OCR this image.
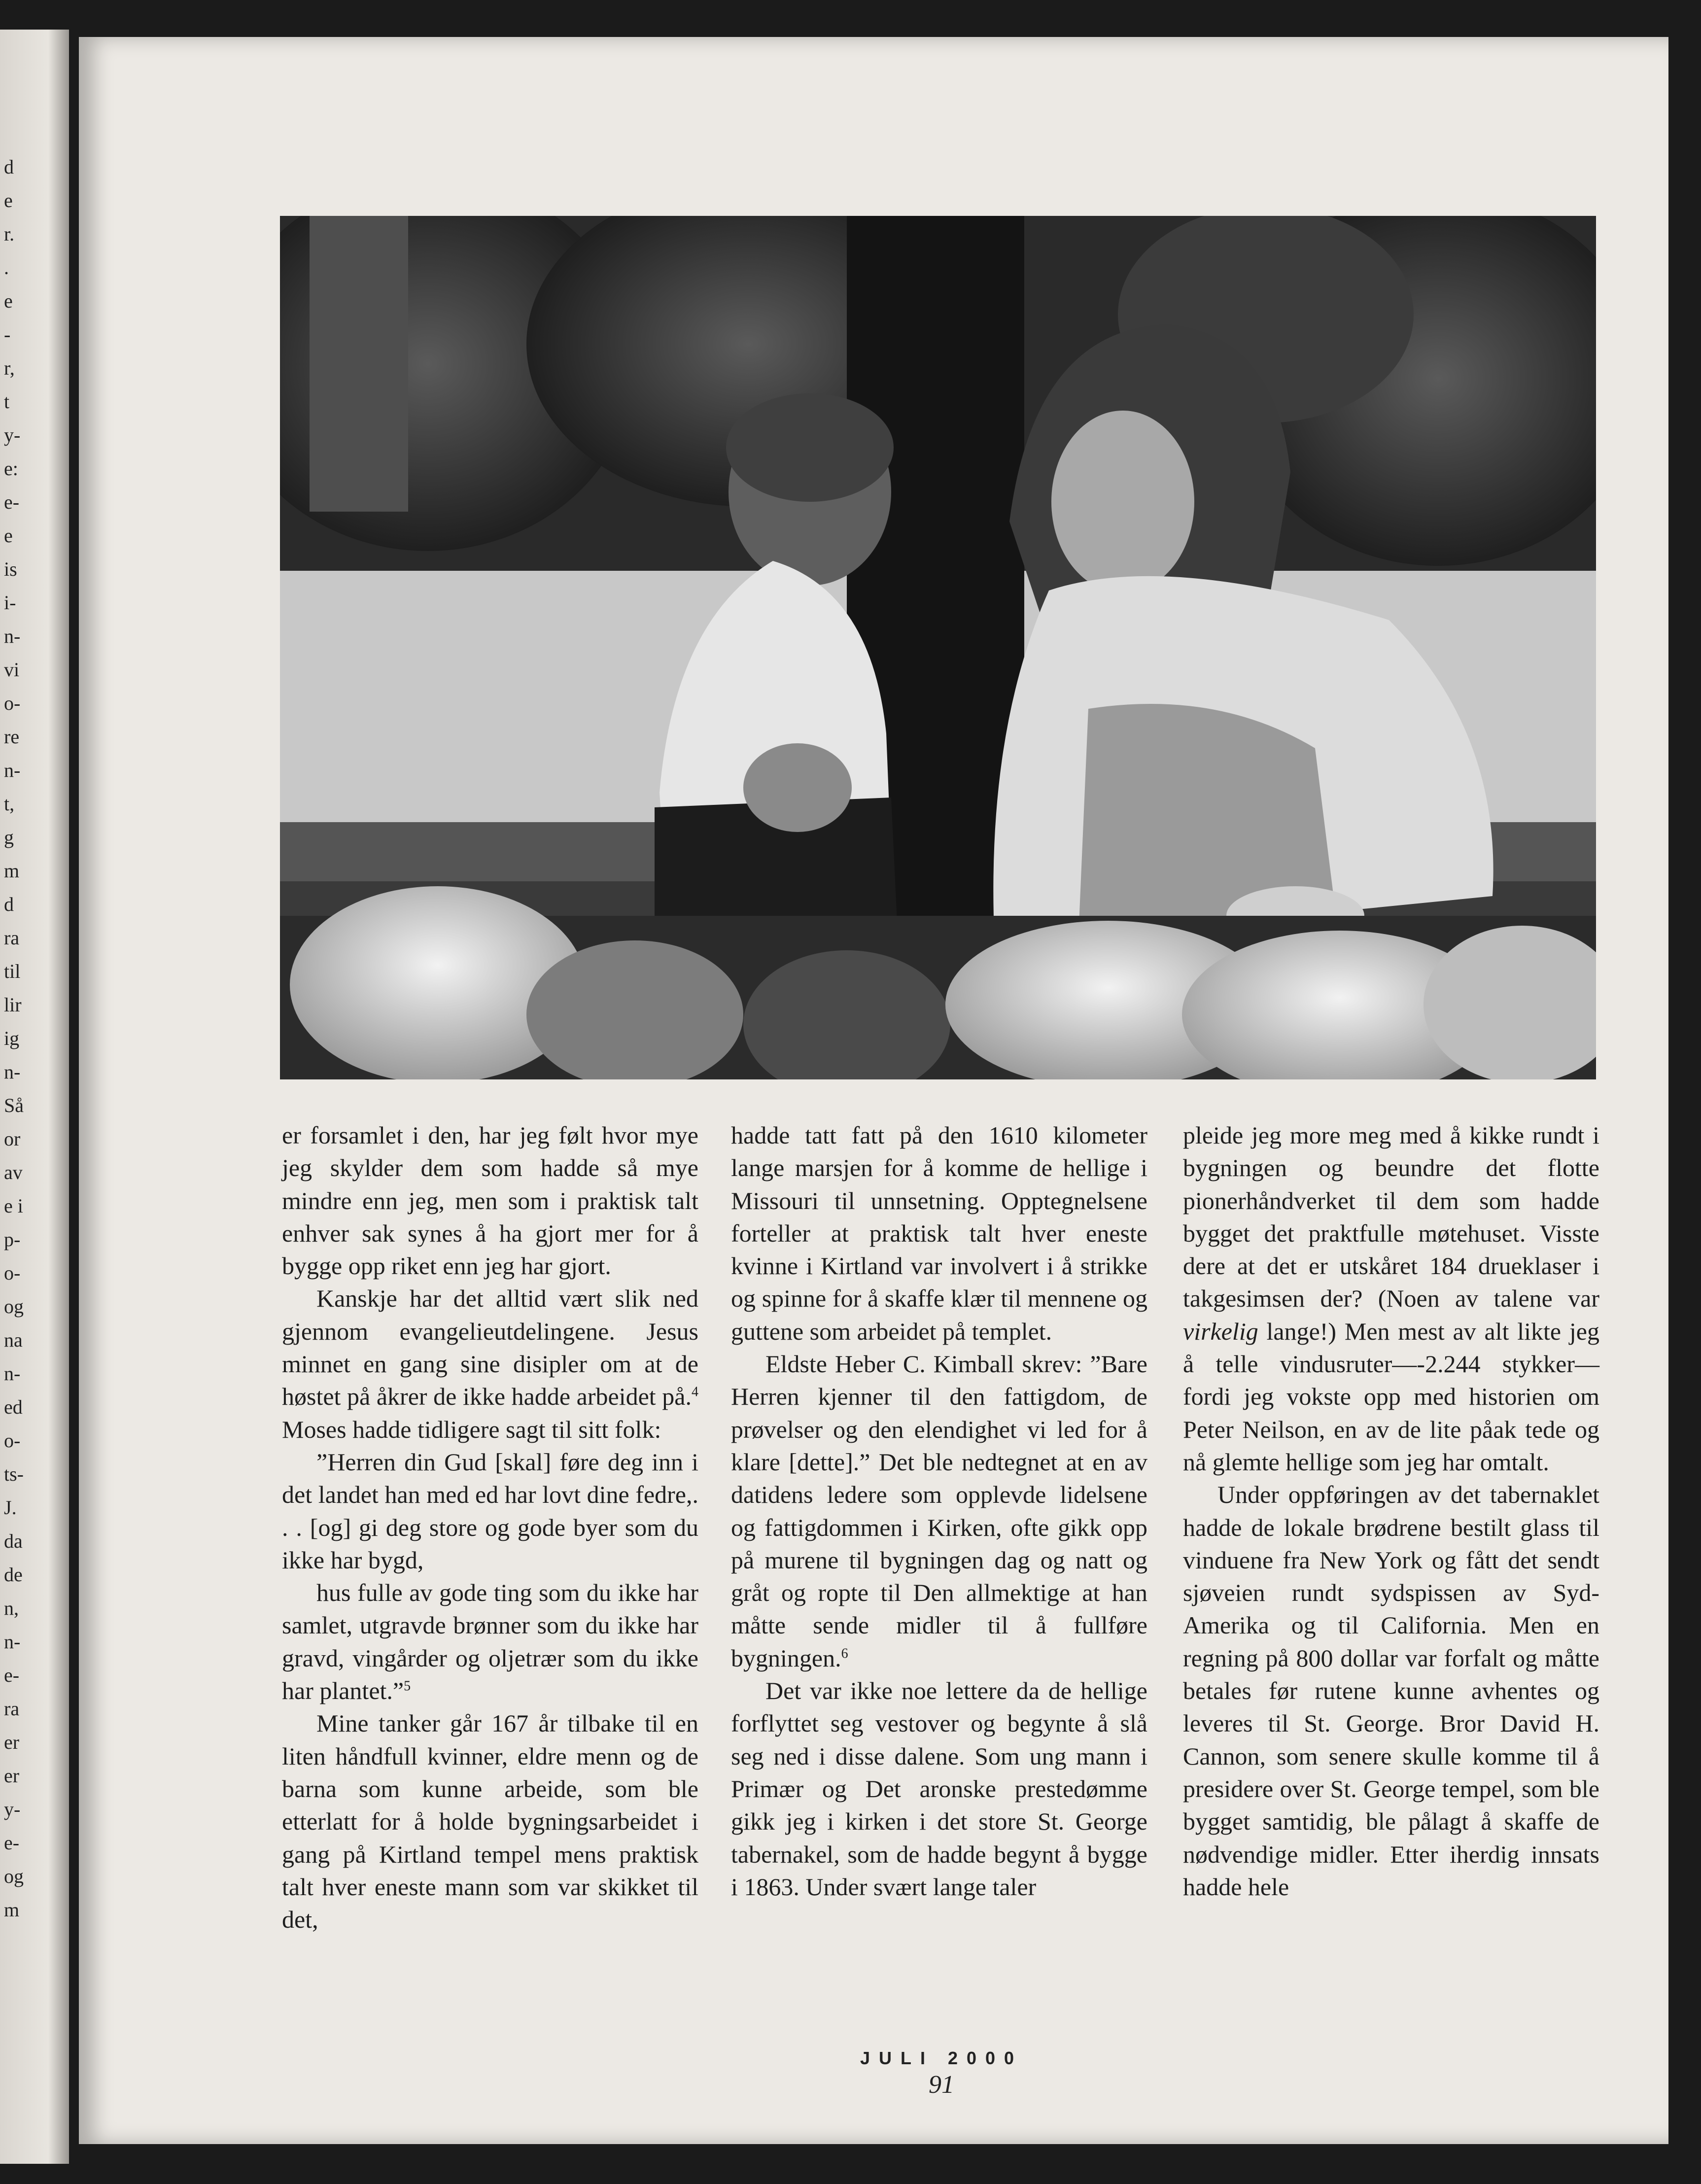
d
e
r.
.
e
-
r,
t
y-
e:
e-
e
is
i-
n-
vi
o-
re
n-
t,
g
m
d
ra
til
lir
ig
n-
Så
or
av
e i
p-
o-
og
na
n-
ed
o-
ts-
J.
da
de
n,
n-
e-
ra
er
er
y-
e-
og
m

er forsamlet i den, har jeg følt hvor mye jeg skylder dem som hadde så mye mindre enn jeg, men som i praktisk talt enhver sak synes å ha gjort mer for å bygge opp riket enn jeg har gjort.

Kanskje har det alltid vært slik ned gjennom evangelieutdelingene. Jesus minnet en gang sine disipler om at de høstet på åkrer de ikke hadde arbeidet på.$^4$ Moses hadde tidligere sagt til sitt folk:

”Herren din Gud [skal] føre deg inn i det landet han med ed har lovt dine fedre,. . . [og] gi deg store og gode byer som du ikke har bygd,

hus fulle av gode ting som du ikke har samlet, utgravde brønner som du ikke har gravd, vingårder og oljetrær som du ikke har plantet.”$^5$

Mine tanker går 167 år tilbake til en liten håndfull kvinner, eldre menn og de barna som kunne arbeide, som ble etterlatt for å holde bygningsarbeidet i gang på Kirtland tempel mens praktisk talt hver eneste mann som var skikket til det,

hadde tatt fatt på den 1610 kilometer lange marsjen for å komme de hellige i Missouri til unnsetning. Opptegnelsene forteller at praktisk talt hver eneste kvinne i Kirtland var involvert i å strikke og spinne for å skaffe klær til mennene og guttene som arbeidet på templet.

Eldste Heber C. Kimball skrev: ”Bare Herren kjenner til den fattigdom, de prøvelser og den elendighet vi led for å klare [dette].” Det ble nedtegnet at en av datidens ledere som opplevde lidelsene og fattigdommen i Kirken, ofte gikk opp på murene til bygningen dag og natt og gråt og ropte til Den allmektige at han måtte sende midler til å fullføre bygningen.$^6$

Det var ikke noe lettere da de hellige forflyttet seg vestover og begynte å slå seg ned i disse dalene. Som ung mann i Primær og Det aronske prestedømme gikk jeg i kirken i det store St. George tabernakel, som de hadde begynt å bygge i 1863. Under svært lange taler

pleide jeg more meg med å kikke rundt i bygningen og beundre det flotte pionerhåndverket til dem som hadde bygget det praktfulle møtehuset. Visste dere at det er utskåret 184 drueklaser i takgesimsen der? (Noen av talene var virkelig lange!) Men mest av alt likte jeg å telle vindusruter—-2.244 stykker—fordi jeg vokste opp med historien om Peter Neilson, en av de lite påak tede og nå glemte hellige som jeg har omtalt.

Under oppføringen av det tabernaklet hadde de lokale brødrene bestilt glass til vinduene fra New York og fått det sendt sjøveien rundt sydspissen av Syd-Amerika og til California. Men en regning på 800 dollar var forfalt og måtte betales før rutene kunne avhentes og leveres til St. George. Bror David H. Cannon, som senere skulle komme til å presidere over St. George tempel, som ble bygget samtidig, ble pålagt å skaffe de nødvendige midler. Etter iherdig innsats hadde hele

JULI 2000
91
